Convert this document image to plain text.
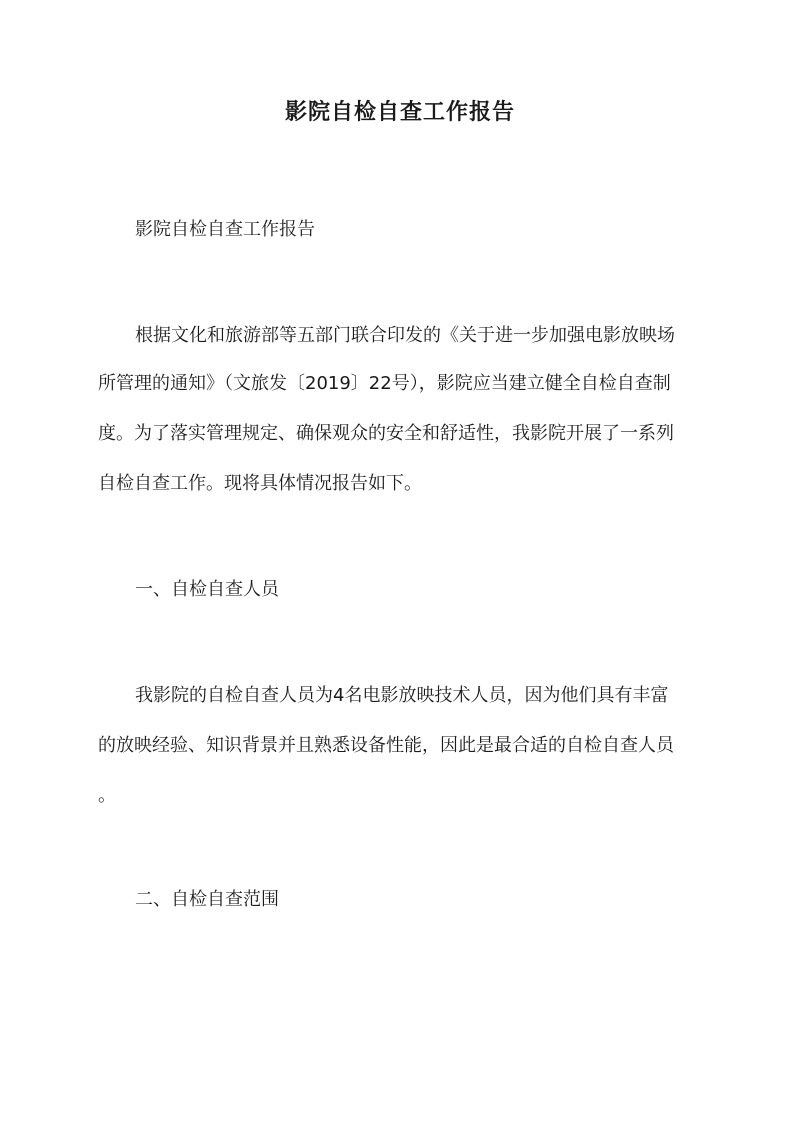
影院自检自查工作报告

影院自检自查工作报告

根据文化和旅游部等五部门联合印发的《关于进一步加强电影放映场

所管理的通知》（文旅发〔2019〕22号），影院应当建立健全自检自查制

度。为了落实管理规定、确保观众的安全和舒适性，我影院开展了一系列

自检自查工作。现将具体情况报告如下。

一、自检自查人员

我影院的自检自查人员为4名电影放映技术人员，因为他们具有丰富

的放映经验、知识背景并且熟悉设备性能，因此是最合适的自检自查人员

。

二、自检自查范围
